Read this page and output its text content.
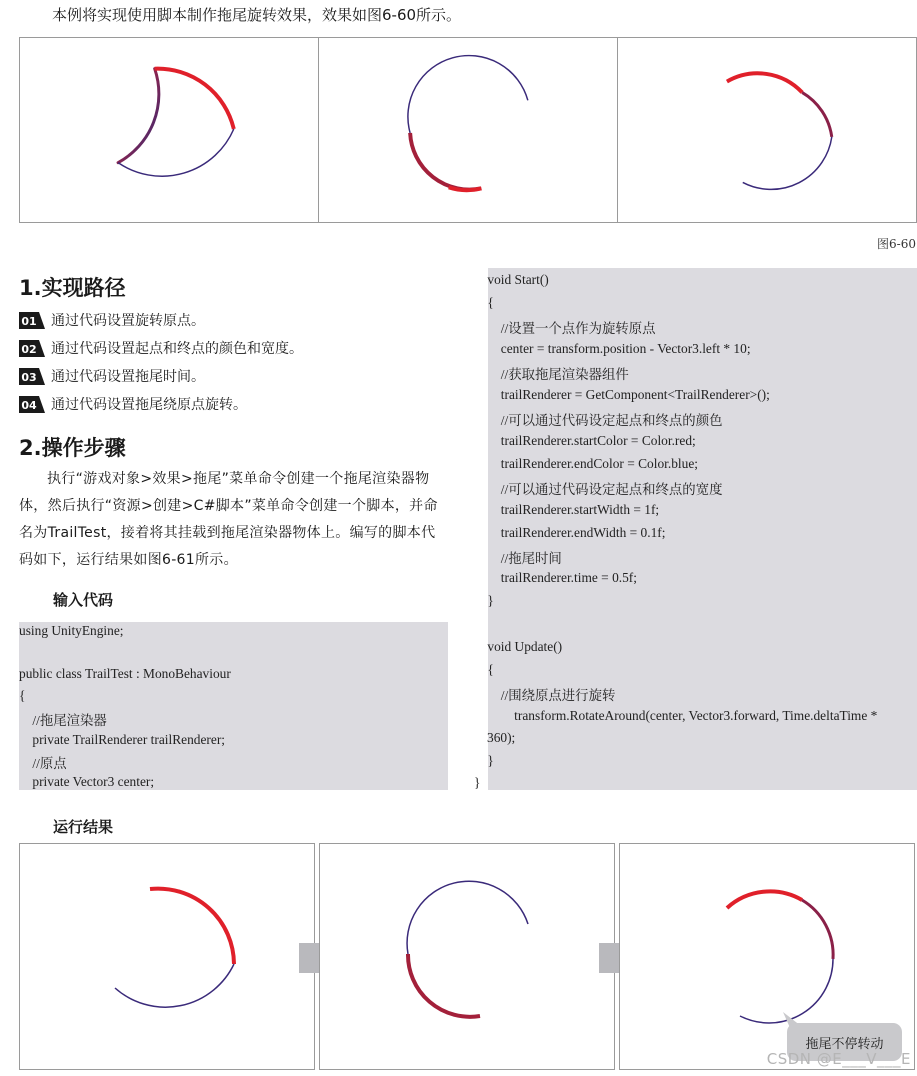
本例将实现使用脚本制作拖尾旋转效果，效果如图6-60所示。
图6-60
1.实现路径
01 通过代码设置旋转原点。
02 通过代码设置起点和终点的颜色和宽度。
03 通过代码设置拖尾时间。
04 通过代码设置拖尾绕原点旋转。
2.操作步骤
执行“游戏对象>效果>拖尾”菜单命令创建一个拖尾渲染器物体，然后执行“资源>创建>C#脚本”菜单命令创建一个脚本，并命名为TrailTest，接着将其挂载到拖尾渲染器物体上。编写的脚本代码如下，运行结果如图6-61所示。
输入代码
using UnityEngine;
public class TrailTest : MonoBehaviour
{
//拖尾渲染器
private TrailRenderer trailRenderer;
//原点
private Vector3 center;
void Start()
{
//设置一个点作为旋转原点
center = transform.position - Vector3.left * 10;
//获取拖尾渲染器组件
trailRenderer = GetComponent<TrailRenderer>();
//可以通过代码设定起点和终点的颜色
trailRenderer.startColor = Color.red;
trailRenderer.endColor = Color.blue;
//可以通过代码设定起点和终点的宽度
trailRenderer.startWidth = 1f;
trailRenderer.endWidth = 0.1f;
//拖尾时间
trailRenderer.time = 0.5f;
}
void Update()
{
//围绕原点进行旋转
transform.RotateAround(center, Vector3.forward, Time.deltaTime *
360);
}
}
运行结果
拖尾不停转动
CSDN @E___V___E
